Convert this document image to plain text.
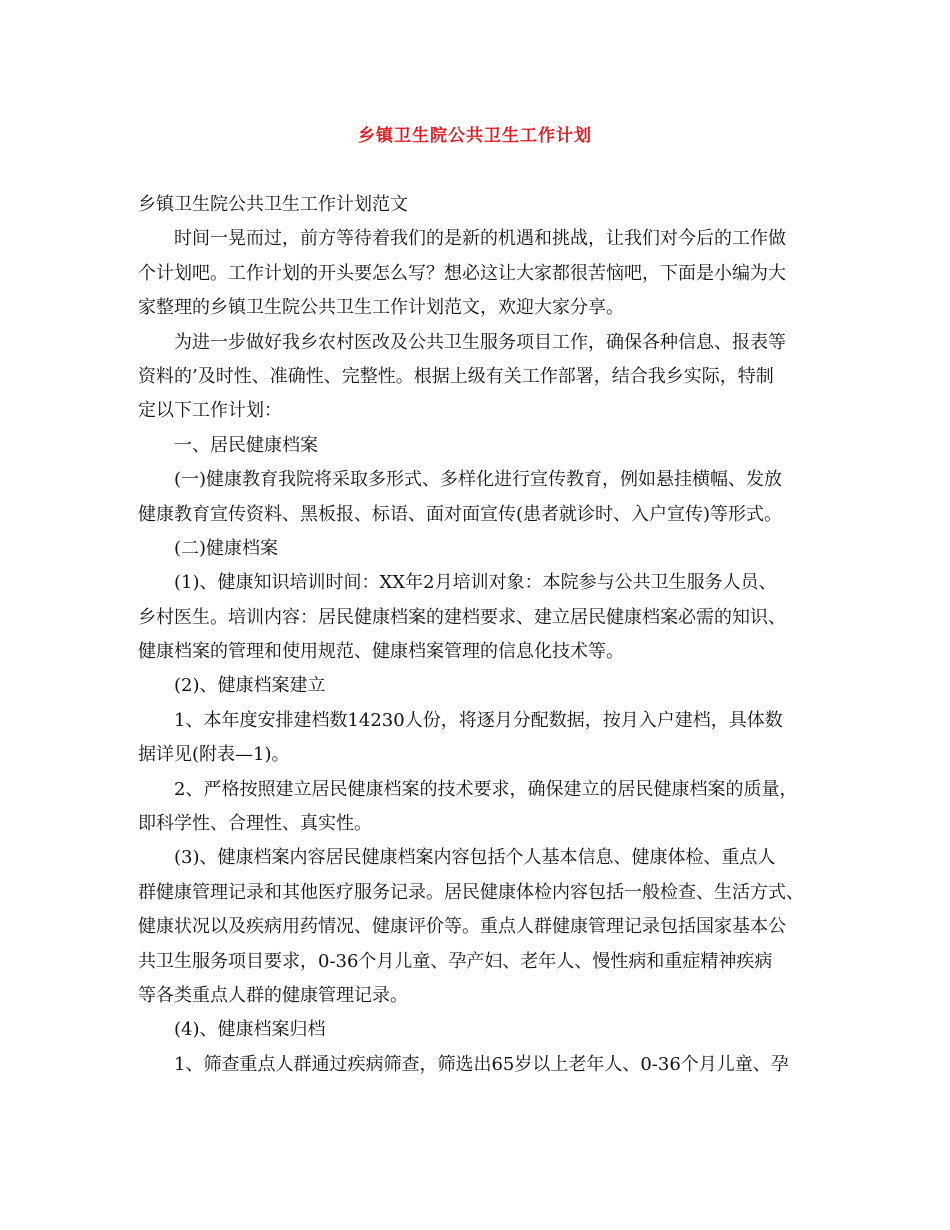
乡镇卫生院公共卫生工作计划
乡镇卫生院公共卫生工作计划范文
时间一晃而过，前方等待着我们的是新的机遇和挑战，让我们对今后的工作做
个计划吧。工作计划的开头要怎么写？想必这让大家都很苦恼吧，下面是小编为大
家整理的乡镇卫生院公共卫生工作计划范文，欢迎大家分享。
为进一步做好我乡农村医改及公共卫生服务项目工作，确保各种信息、报表等
资料的’及时性、准确性、完整性。根据上级有关工作部署，结合我乡实际，特制
定以下工作计划：
一、居民健康档案
(一)健康教育我院将采取多形式、多样化进行宣传教育，例如悬挂横幅、发放
健康教育宣传资料、黑板报、标语、面对面宣传(患者就诊时、入户宣传)等形式。
(二)健康档案
(1)、健康知识培训时间：XX年2月培训对象：本院参与公共卫生服务人员、
乡村医生。培训内容：居民健康档案的建档要求、建立居民健康档案必需的知识、
健康档案的管理和使用规范、健康档案管理的信息化技术等。
(2)、健康档案建立
1、本年度安排建档数14230人份，将逐月分配数据，按月入户建档，具体数
据详见(附表—1)。
2、严格按照建立居民健康档案的技术要求，确保建立的居民健康档案的质量，
即科学性、合理性、真实性。
(3)、健康档案内容居民健康档案内容包括个人基本信息、健康体检、重点人
群健康管理记录和其他医疗服务记录。居民健康体检内容包括一般检查、生活方式、
健康状况以及疾病用药情况、健康评价等。重点人群健康管理记录包括国家基本公
共卫生服务项目要求，0-36个月儿童、孕产妇、老年人、慢性病和重症精神疾病
等各类重点人群的健康管理记录。
(4)、健康档案归档
1、筛查重点人群通过疾病筛查，筛选出65岁以上老年人、0-36个月儿童、孕
